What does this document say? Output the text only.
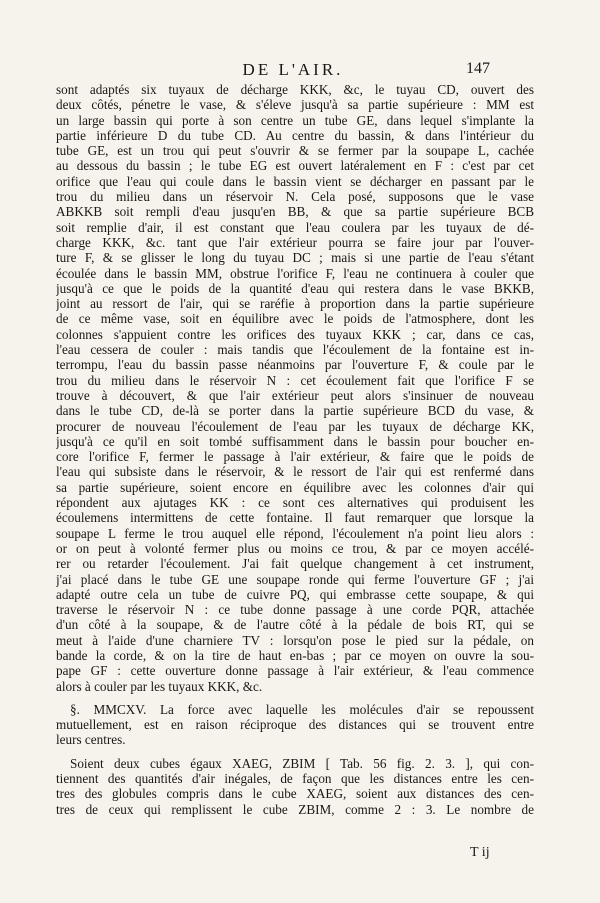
DE L'AIR.	147
sont adaptés six tuyaux de décharge KKK, &c, le tuyau CD, ouvert des
deux côtés, pénetre le vase, & s'éleve jusqu'à sa partie supérieure : MM est
un large bassin qui porte à son centre un tube GE, dans lequel s'implante la
partie inférieure D du tube CD. Au centre du bassin, & dans l'intérieur du
tube GE, est un trou qui peut s'ouvrir & se fermer par la soupape L, cachée
au dessous du bassin ; le tube EG est ouvert latéralement en F : c'est par cet
orifice que l'eau qui coule dans le bassin vient se décharger en passant par le
trou du milieu dans un réservoir N. Cela posé, supposons que le vase
ABKKB soit rempli d'eau jusqu'en BB, & que sa partie supérieure BCB
soit remplie d'air, il est constant que l'eau coulera par les tuyaux de dé-
charge KKK, &c. tant que l'air extérieur pourra se faire jour par l'ouver-
ture F, & se glisser le long du tuyau DC ; mais si une partie de l'eau s'étant
écoulée dans le bassin MM, obstrue l'orifice F, l'eau ne continuera à couler que
jusqu'à ce que le poids de la quantité d'eau qui restera dans le vase BKKB,
joint au ressort de l'air, qui se raréfie à proportion dans la partie supérieure
de ce même vase, soit en équilibre avec le poids de l'atmosphere, dont les
colonnes s'appuient contre les orifices des tuyaux KKK ; car, dans ce cas,
l'eau cessera de couler : mais tandis que l'écoulement de la fontaine est in-
terrompu, l'eau du bassin passe néanmoins par l'ouverture F, & coule par le
trou du milieu dans le réservoir N : cet écoulement fait que l'orifice F se
trouve à découvert, & que l'air extérieur peut alors s'insinuer de nouveau
dans le tube CD, de-là se porter dans la partie supérieure BCD du vase, &
procurer de nouveau l'écoulement de l'eau par les tuyaux de décharge KK,
jusqu'à ce qu'il en soit tombé suffisamment dans le bassin pour boucher en-
core l'orifice F, fermer le passage à l'air extérieur, & faire que le poids de
l'eau qui subsiste dans le réservoir, & le ressort de l'air qui est renfermé dans
sa partie supérieure, soient encore en équilibre avec les colonnes d'air qui
répondent aux ajutages KK : ce sont ces alternatives qui produisent les
écoulemens intermittens de cette fontaine. Il faut remarquer que lorsque la
soupape L ferme le trou auquel elle répond, l'écoulement n'a point lieu alors :
or on peut à volonté fermer plus ou moins ce trou, & par ce moyen accélé-
rer ou retarder l'écoulement. J'ai fait quelque changement à cet instrument,
j'ai placé dans le tube GE une soupape ronde qui ferme l'ouverture GF ; j'ai
adapté outre cela un tube de cuivre PQ, qui embrasse cette soupape, & qui
traverse le réservoir N : ce tube donne passage à une corde PQR, attachée
d'un côté à la soupape, & de l'autre côté à la pédale de bois RT, qui se
meut à l'aide d'une charniere TV : lorsqu'on pose le pied sur la pédale, on
bande la corde, & on la tire de haut en-bas ; par ce moyen on ouvre la sou-
pape GF : cette ouverture donne passage à l'air extérieur, & l'eau commence
alors à couler par les tuyaux KKK, &c.
§. MMCXV. La force avec laquelle les molécules d'air se repoussent
mutuellement, est en raison réciproque des distances qui se trouvent entre
leurs centres.
Soient deux cubes égaux XAEG, ZBIM [ Tab. 56 fig. 2. 3. ], qui con-
tiennent des quantités d'air inégales, de façon que les distances entre les cen-
tres des globules compris dans le cube XAEG, soient aux distances des cen-
tres de ceux qui remplissent le cube ZBIM, comme 2 : 3. Le nombre de
T ij
